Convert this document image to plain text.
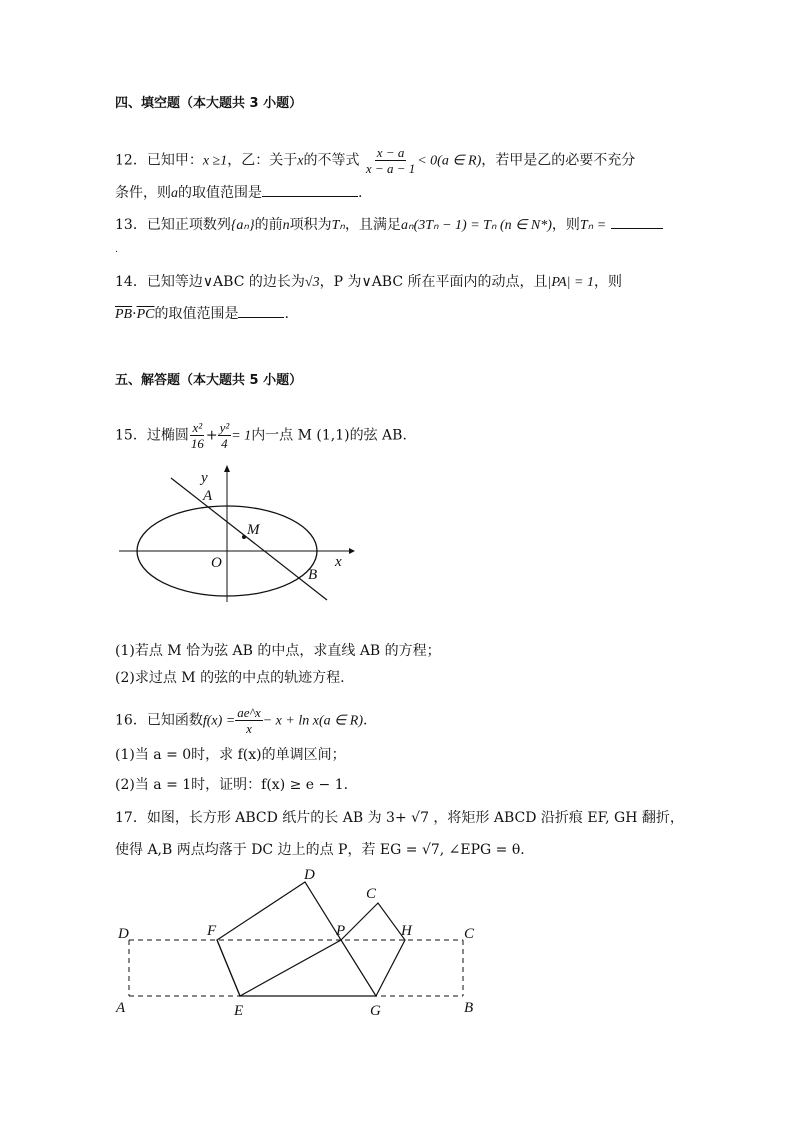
四、填空题（本大题共 3 小题）
12．已知甲：x ≥1，乙：关于x的不等式 $\frac{x - a}{x - a - 1} < 0(a$ ∈ R)，若甲是乙的必要不充分
条件，则a的取值范围是	.
13．已知正项数列{aₙ}的前n项积为Tₙ，且满足aₙ(3Tₙ − 1) = Tₙ (n ∈ N*)，则Tₙ =
.
14．已知等边∨ABC 的边长为√3，P 为∨ABC 所在平面内的动点，且|PA| = 1，则
$\overline{PB}\cdot\overline{PC}$的取值范围是	.
五、解答题（本大题共 5 小题）
15．过椭圆 $\frac{\text{x²}}{16} + \frac{\text{y²}}{4} = 1$内一点 M (1,1)的弦 AB.
y
x
O
A
B
M
(1)若点 M 恰为弦 AB 的中点，求直线 AB 的方程；
(2)求过点 M 的弦的中点的轨迹方程.
16．已知函数$f(x) = \frac{ae\^{}x}{x} - x + \ln x(a$ ∈ R).
(1)当 a = 0时，求 f(x)的单调区间；
(2)当 a = 1时，证明：f(x) ≥ e − 1.
17．如图，长方形 ABCD 纸片的长 AB 为 3+ √7 ，将矩形 ABCD 沿折痕 EF, GH 翻折，
使得 A,B 两点均落于 DC 边上的点 P，若 EG = √7, ∠EPG = θ.
D
C
D	F	P	H	C
A	E	G	B
